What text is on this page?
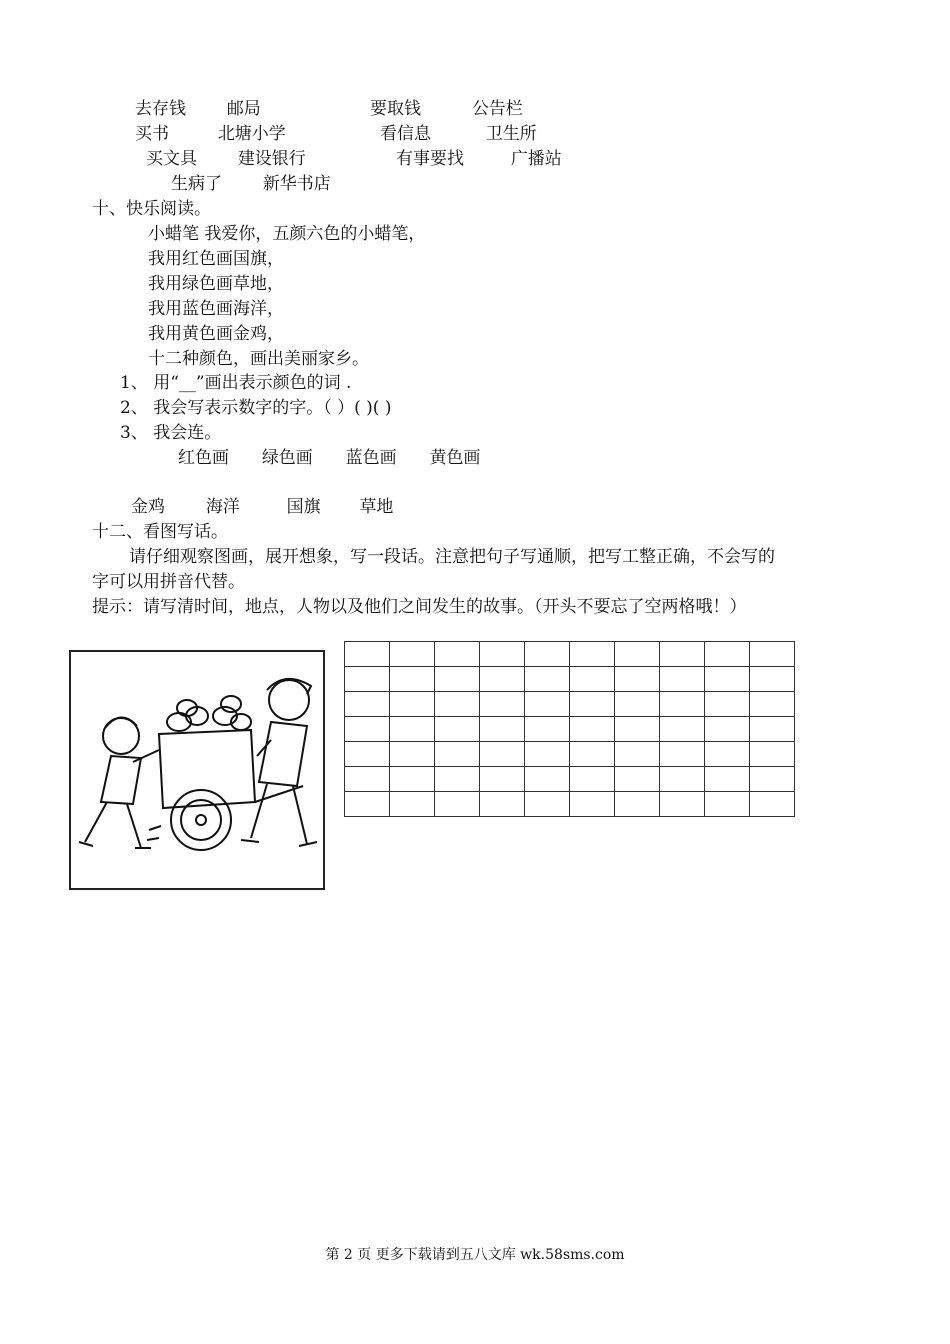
去存钱 邮局	要取钱	公告栏
买书	北塘小学	看信息	卫生所
买文具 建设银行	有事要找	广播站
生病了 新华书店
十、快乐阅读。
小蜡笔 我爱你，五颜六色的小蜡笔，
我用红色画国旗，
我用绿色画草地，
我用蓝色画海洋，
我用黄色画金鸡，
十二种颜色，画出美丽家乡。
1、 用“__”画出表示颜色的词 .
2、 我会写表示数字的字。（ ）( )( )
3、 我会连。
红色画 绿色画 蓝色画 黄色画
金鸡 海洋	国旗 草地
十二、看图写话。
请仔细观察图画，展开想象，写一段话。注意把句子写通顺，把写工整正确，不会写的
字可以用拼音代替。
提示：请写清时间，地点，人物以及他们之间发生的故事。（开头不要忘了空两格哦！）

第 2 页 更多下载请到五八文库 wk.58sms.com
